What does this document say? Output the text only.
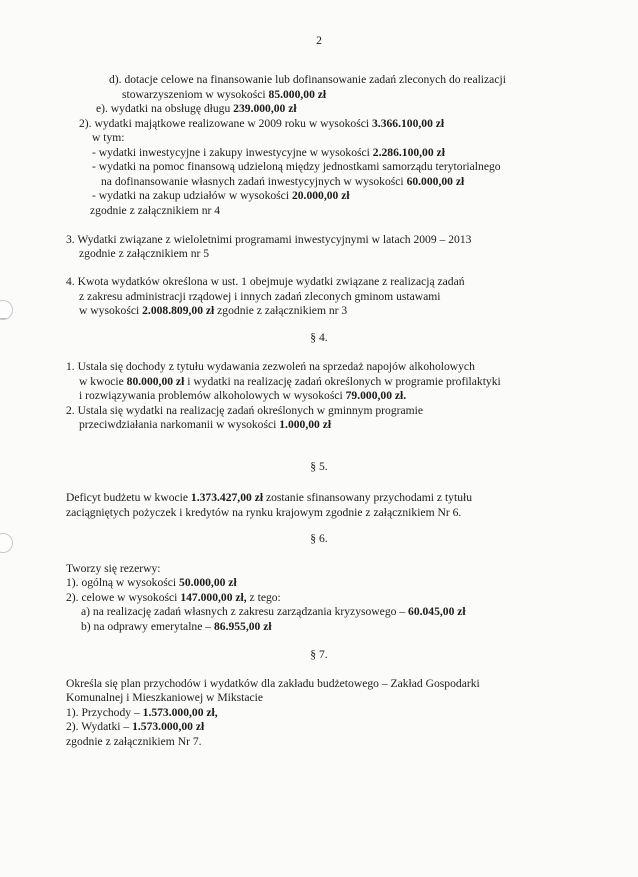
2
d). dotacje celowe na finansowanie lub dofinansowanie zadań zleconych do realizacji
stowarzyszeniom w wysokości 85.000,00 zł
e). wydatki na obsługę długu 239.000,00 zł
2). wydatki majątkowe realizowane w 2009 roku w wysokości 3.366.100,00 zł
w tym:
- wydatki inwestycyjne i zakupy inwestycyjne w wysokości 2.286.100,00 zł
- wydatki na pomoc finansową udzieloną między jednostkami samorządu terytorialnego
na dofinansowanie własnych zadań inwestycyjnych w wysokości 60.000,00 zł
- wydatki na zakup udziałów w wysokości 20.000,00 zł
zgodnie z załącznikiem nr 4
3. Wydatki związane z wieloletnimi programami inwestycyjnymi w latach 2009 – 2013
zgodnie z załącznikiem nr 5
4. Kwota wydatków określona w ust. 1 obejmuje wydatki związane z realizacją zadań
z zakresu administracji rządowej i innych zadań zleconych gminom ustawami
w wysokości 2.008.809,00 zł zgodnie z załącznikiem nr 3
§ 4.
1. Ustala się dochody z tytułu wydawania zezwoleń na sprzedaż napojów alkoholowych
w kwocie 80.000,00 zł i wydatki na realizację zadań określonych w programie profilaktyki
i rozwiązywania problemów alkoholowych w wysokości 79.000,00 zł.
2. Ustala się wydatki na realizację zadań określonych w gminnym programie
przeciwdziałania narkomanii w wysokości 1.000,00 zł
§ 5.
Deficyt budżetu w kwocie 1.373.427,00 zł zostanie sfinansowany przychodami z tytułu
zaciągniętych pożyczek i kredytów na rynku krajowym zgodnie z załącznikiem Nr 6.
§ 6.
Tworzy się rezerwy:
1). ogólną w wysokości 50.000,00 zł
2). celowe w wysokości 147.000,00 zł, z tego:
a) na realizację zadań własnych z zakresu zarządzania kryzysowego – 60.045,00 zł
b) na odprawy emerytalne – 86.955,00 zł
§ 7.
Określa się plan przychodów i wydatków dla zakładu budżetowego – Zakład Gospodarki
Komunalnej i Mieszkaniowej w Mikstacie
1). Przychody – 1.573.000,00 zł,
2). Wydatki – 1.573.000,00 zł
zgodnie z załącznikiem Nr 7.
